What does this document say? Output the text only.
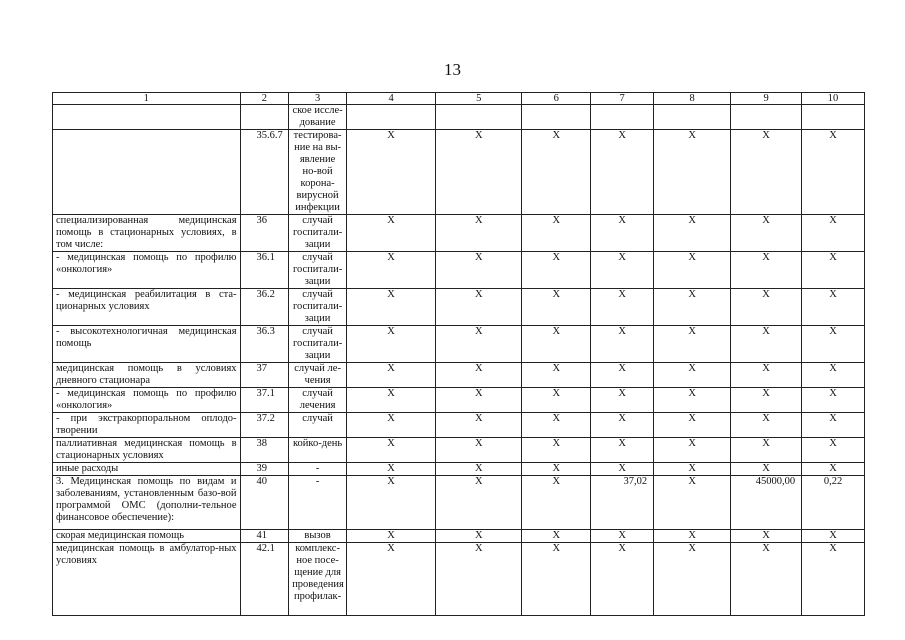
13
1	2	3	4	5	6	7	8	9	10
		ское иссле-дование							
	35.6.7	тестирова-ние на вы-явление но-вой корона-вирусной инфекции	Х	Х	Х	Х	Х	Х	Х
специализированная медицинская помощь в стационарных условиях, в том числе:	36	случай госпитали-зации	Х	Х	Х	Х	Х	Х	Х
- медицинская помощь по профилю «онкология»	36.1	случай госпитали-зации	Х	Х	Х	Х	Х	Х	Х
- медицинская реабилитация в ста-ционарных условиях	36.2	случай госпитали-зации	Х	Х	Х	Х	Х	Х	Х
- высокотехнологичная медицинская помощь	36.3	случай госпитали-зации	Х	Х	Х	Х	Х	Х	Х
медицинская помощь в условиях дневного стационара	37	случай ле-чения	Х	Х	Х	Х	Х	Х	Х
- медицинская помощь по профилю «онкология»	37.1	случай лечения	Х	Х	Х	Х	Х	Х	Х
- при экстракорпоральном оплодо-творении	37.2	случай	Х	Х	Х	Х	Х	Х	Х
паллиативная медицинская помощь в стационарных условиях	38	койко-день	Х	Х	Х	Х	Х	Х	Х
иные расходы	39	-	Х	Х	Х	Х	Х	Х	Х
3. Медицинская помощь по видам и заболеваниям, установленным базо-вой программой ОМС (дополни-тельное финансовое обеспечение):	40	-	Х	Х	Х	37,02	Х	45000,00	0,22
скорая медицинская помощь	41	вызов	Х	Х	Х	Х	Х	Х	Х
медицинская помощь в амбулатор-ных условиях	42.1	комплекс-ное посе-щение для проведения профилак-	Х	Х	Х	Х	Х	Х	Х
